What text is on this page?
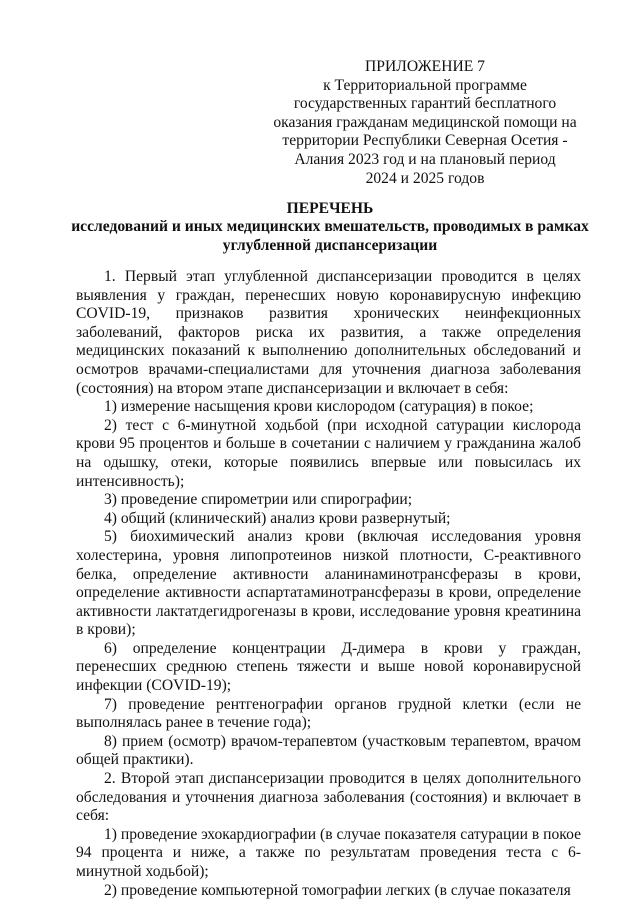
ПРИЛОЖЕНИЕ 7
к Территориальной программе
государственных гарантий бесплатного
оказания гражданам медицинской помощи на
территории Республики Северная Осетия -
Алания 2023 год и на плановый период
2024 и 2025 годов
ПЕРЕЧЕНЬ
исследований и иных медицинских вмешательств, проводимых в рамках
углубленной диспансеризации

1. Первый этап углубленной диспансеризации проводится в целях выявления у граждан, перенесших новую коронавирусную инфекцию COVID-19, признаков развития хронических неинфекционных заболеваний, факторов риска их развития, а также определения медицинских показаний к выполнению дополнительных обследований и осмотров врачами-специалистами для уточнения диагноза заболевания (состояния) на втором этапе диспансеризации и включает в себя:

1) измерение насыщения крови кислородом (сатурация) в покое;

2) тест с 6-минутной ходьбой (при исходной сатурации кислорода крови 95 процентов и больше в сочетании с наличием у гражданина жалоб на одышку, отеки, которые появились впервые или повысилась их интенсивность);

3) проведение спирометрии или спирографии;

4) общий (клинический) анализ крови развернутый;

5) биохимический анализ крови (включая исследования уровня холестерина, уровня липопротеинов низкой плотности, С-реактивного белка, определение активности аланинаминотрансферазы в крови, определение активности аспартатаминотрансферазы в крови, определение активности лактатдегидрогеназы в крови, исследование уровня креатинина в крови);

6) определение концентрации Д-димера в крови у граждан, перенесших среднюю степень тяжести и выше новой коронавирусной инфекции (COVID-19);

7) проведение рентгенографии органов грудной клетки (если не выполнялась ранее в течение года);

8) прием (осмотр) врачом-терапевтом (участковым терапевтом, врачом общей практики).

2. Второй этап диспансеризации проводится в целях дополнительного обследования и уточнения диагноза заболевания (состояния) и включает в себя:

1) проведение эхокардиографии (в случае показателя сатурации в покое 94 процента и ниже, а также по результатам проведения теста с 6-минутной ходьбой);

2) проведение компьютерной томографии легких (в случае показателя
